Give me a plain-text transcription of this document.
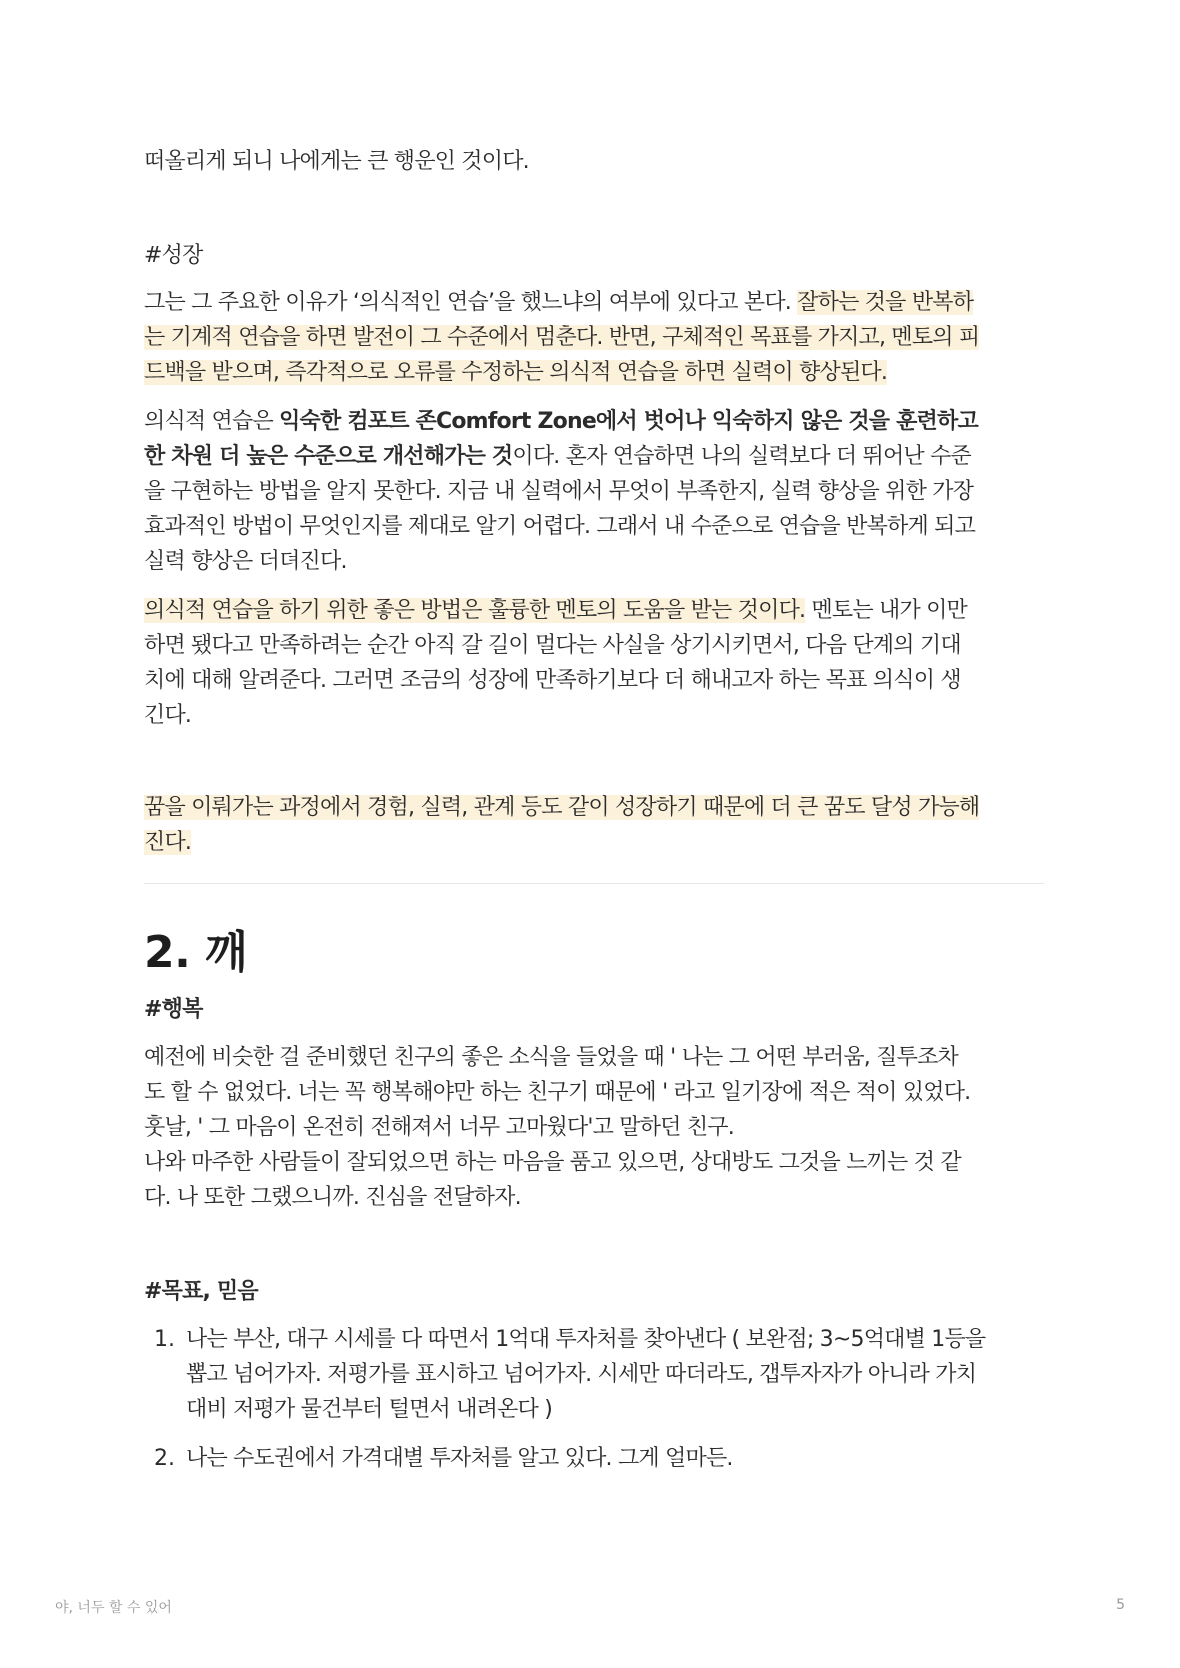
떠올리게 되니 나에게는 큰 행운인 것이다.

#성장

그는 그 주요한 이유가 ‘의식적인 연습’을 했느냐의 여부에 있다고 본다. 잘하는 것을 반복하

는 기계적 연습을 하면 발전이 그 수준에서 멈춘다. 반면, 구체적인 목표를 가지고, 멘토의 피

드백을 받으며, 즉각적으로 오류를 수정하는 의식적 연습을 하면 실력이 향상된다.

의식적 연습은 익숙한 컴포트 존Comfort Zone에서 벗어나 익숙하지 않은 것을 훈련하고

한 차원 더 높은 수준으로 개선해가는 것이다. 혼자 연습하면 나의 실력보다 더 뛰어난 수준

을 구현하는 방법을 알지 못한다. 지금 내 실력에서 무엇이 부족한지, 실력 향상을 위한 가장

효과적인 방법이 무엇인지를 제대로 알기 어렵다. 그래서 내 수준으로 연습을 반복하게 되고

실력 향상은 더뎌진다.

의식적 연습을 하기 위한 좋은 방법은 훌륭한 멘토의 도움을 받는 것이다. 멘토는 내가 이만

하면 됐다고 만족하려는 순간 아직 갈 길이 멀다는 사실을 상기시키면서, 다음 단계의 기대

치에 대해 알려준다. 그러면 조금의 성장에 만족하기보다 더 해내고자 하는 목표 의식이 생

긴다.

꿈을 이뤄가는 과정에서 경험, 실력, 관계 등도 같이 성장하기 때문에 더 큰 꿈도 달성 가능해

진다.

2. 깨

#행복

예전에 비슷한 걸 준비했던 친구의 좋은 소식을 들었을 때 ' 나는 그 어떤 부러움, 질투조차

도 할 수 없었다. 너는 꼭 행복해야만 하는 친구기 때문에 ' 라고 일기장에 적은 적이 있었다.

훗날, ' 그 마음이 온전히 전해져서 너무 고마웠다'고 말하던 친구.

나와 마주한 사람들이 잘되었으면 하는 마음을 품고 있으면, 상대방도 그것을 느끼는 것 같

다. 나 또한 그랬으니까. 진심을 전달하자.

#목표, 믿음

1. 나는 부산, 대구 시세를 다 따면서 1억대 투자처를 찾아낸다 ( 보완점; 3~5억대별 1등을

뽑고 넘어가자. 저평가를 표시하고 넘어가자. 시세만 따더라도, 갭투자자가 아니라 가치

대비 저평가 물건부터 털면서 내려온다 )

2. 나는 수도권에서 가격대별 투자처를 알고 있다. 그게 얼마든.

야, 너두 할 수 있어	5
